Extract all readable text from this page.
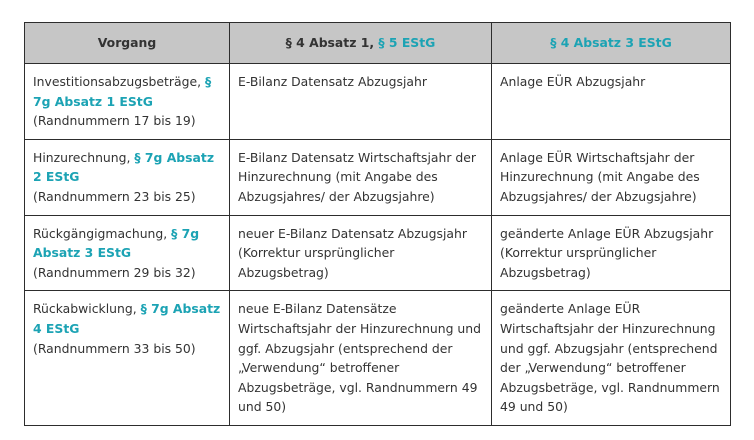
Vorgang	§ 4 Absatz 1, § 5 EStG	§ 4 Absatz 3 EStG
Investitionsabzugsbeträge, § 7g Absatz 1 EStG
(Randnummern 17 bis 19)	E-Bilanz Datensatz Abzugsjahr	Anlage EÜR Abzugsjahr
Hinzurechnung, § 7g Absatz 2 EStG
(Randnummern 23 bis 25)	E-Bilanz Datensatz Wirtschaftsjahr der Hinzurechnung (mit Angabe des Abzugsjahres/ der Abzugsjahre)	Anlage EÜR Wirtschaftsjahr der Hinzurechnung (mit Angabe des Abzugsjahres/ der Abzugsjahre)
Rückgängigmachung, § 7g Absatz 3 EStG
(Randnummern 29 bis 32)	neuer E-Bilanz Datensatz Abzugsjahr (Korrektur ursprünglicher Abzugsbetrag)	geänderte Anlage EÜR Abzugsjahr (Korrektur ursprünglicher Abzugsbetrag)
Rückabwicklung, § 7g Absatz 4 EStG
(Randnummern 33 bis 50)	neue E-Bilanz Datensätze Wirtschaftsjahr der Hinzurechnung und ggf. Abzugsjahr (entsprechend der „Verwendung“ betroffener Abzugsbeträge, vgl. Randnummern 49 und 50)	geänderte Anlage EÜR Wirtschaftsjahr der Hinzurechnung und ggf. Abzugsjahr (entsprechend der „Verwendung“ betroffener Abzugsbeträge, vgl. Randnummern 49 und 50)
